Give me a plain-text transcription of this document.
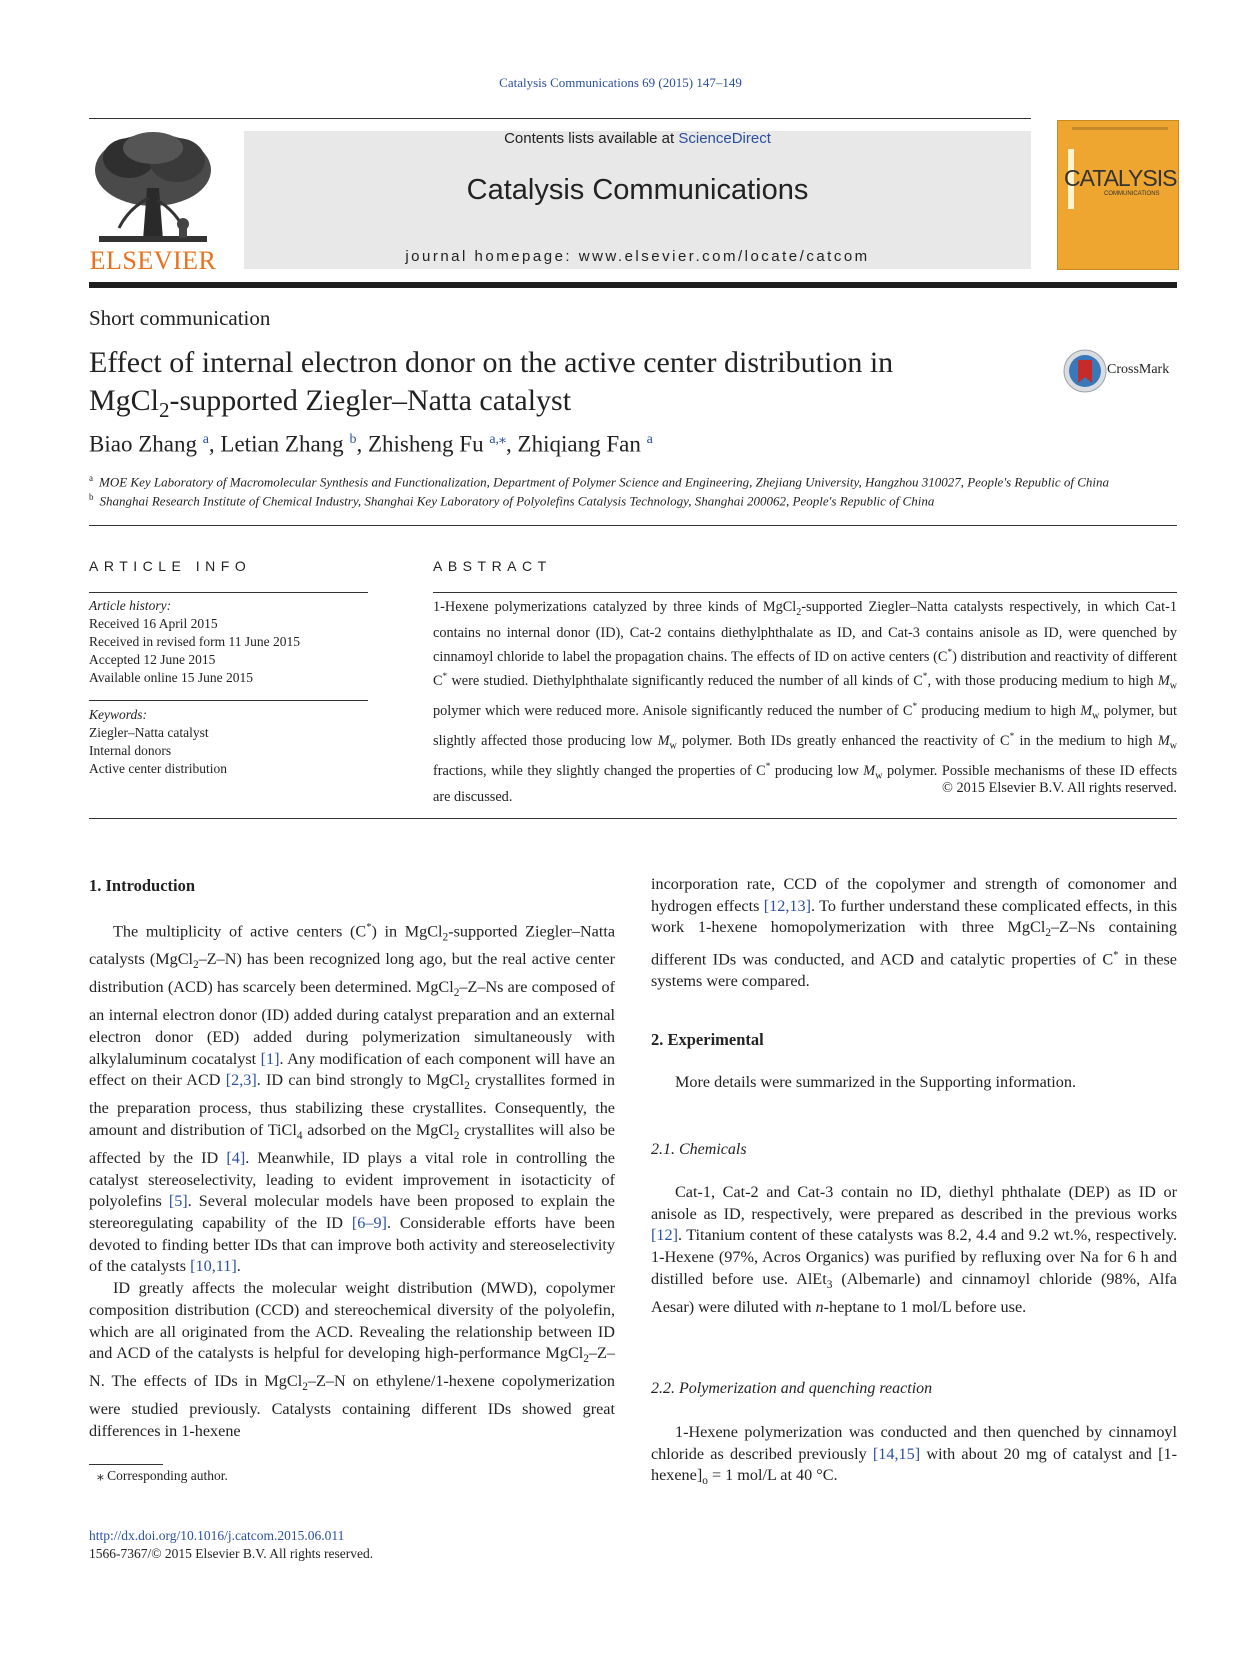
Catalysis Communications 69 (2015) 147–149
ELSEVIER
Contents lists available at ScienceDirect
Catalysis Communications
journal homepage: www.elsevier.com/locate/catcom
CATALYSIS
COMMUNICATIONS
Short communication
Effect of internal electron donor on the active center distribution in
MgCl$_2$-supported Ziegler–Natta catalyst
CrossMark
Biao Zhang $^a$, Letian Zhang $^b$, Zhisheng Fu $^{a,⁎}$, Zhiqiang Fan $^a$
$^a$ MOE Key Laboratory of Macromolecular Synthesis and Functionalization, Department of Polymer Science and Engineering, Zhejiang University, Hangzhou 310027, People's Republic of China
$^b$ Shanghai Research Institute of Chemical Industry, Shanghai Key Laboratory of Polyolefins Catalysis Technology, Shanghai 200062, People's Republic of China
ARTICLE INFO	ABSTRACT
Article history:
Received 16 April 2015
Received in revised form 11 June 2015
Accepted 12 June 2015
Available online 15 June 2015
Keywords:
Ziegler–Natta catalyst
Internal donors
Active center distribution
1-Hexene polymerizations catalyzed by three kinds of MgCl$_2$-supported Ziegler–Natta catalysts respectively, in which Cat-1 contains no internal donor (ID), Cat-2 contains diethylphthalate as ID, and Cat-3 contains anisole as ID, were quenched by cinnamoyl chloride to label the propagation chains. The effects of ID on active centers (C*) distribution and reactivity of different C* were studied. Diethylphthalate significantly reduced the number of all kinds of C*, with those producing medium to high $M_w$ polymer which were reduced more. Anisole significantly reduced the number of C* producing medium to high $M_w$ polymer, but slightly affected those producing low $M_w$ polymer. Both IDs greatly enhanced the reactivity of C* in the medium to high $M_w$ fractions, while they slightly changed the properties of C* producing low $M_w$ polymer. Possible mechanisms of these ID effects are discussed.
© 2015 Elsevier B.V. All rights reserved.
1. Introduction

The multiplicity of active centers (C*) in MgCl$_2$-supported Ziegler–Natta catalysts (MgCl$_2$–Z–N) has been recognized long ago, but the real active center distribution (ACD) has scarcely been determined. MgCl$_2$–Z–Ns are composed of an internal electron donor (ID) added during catalyst preparation and an external electron donor (ED) added during polymerization simultaneously with alkylaluminum cocatalyst [1]. Any modification of each component will have an effect on their ACD [2,3]. ID can bind strongly to MgCl$_2$ crystallites formed in the preparation process, thus stabilizing these crystallites. Consequently, the amount and distribution of TiCl$_4$ adsorbed on the MgCl$_2$ crystallites will also be affected by the ID [4]. Meanwhile, ID plays a vital role in controlling the catalyst stereoselectivity, leading to evident improvement in isotacticity of polyolefins [5]. Several molecular models have been proposed to explain the stereoregulating capability of the ID [6–9]. Considerable efforts have been devoted to finding better IDs that can improve both activity and stereoselectivity of the catalysts [10,11].

ID greatly affects the molecular weight distribution (MWD), copolymer composition distribution (CCD) and stereochemical diversity of the polyolefin, which are all originated from the ACD. Revealing the relationship between ID and ACD of the catalysts is helpful for developing high-performance MgCl$_2$–Z–N. The effects of IDs in MgCl$_2$–Z–N on ethylene/1-hexene copolymerization were studied previously. Catalysts containing different IDs showed great differences in 1-hexene

incorporation rate, CCD of the copolymer and strength of comonomer and hydrogen effects [12,13]. To further understand these complicated effects, in this work 1-hexene homopolymerization with three MgCl$_2$–Z–Ns containing different IDs was conducted, and ACD and catalytic properties of C* in these systems were compared.

2. Experimental

More details were summarized in the Supporting information.

2.1. Chemicals

Cat-1, Cat-2 and Cat-3 contain no ID, diethyl phthalate (DEP) as ID or anisole as ID, respectively, were prepared as described in the previous works [12]. Titanium content of these catalysts was 8.2, 4.4 and 9.2 wt.%, respectively. 1-Hexene (97%, Acros Organics) was purified by refluxing over Na for 6 h and distilled before use. AlEt$_3$ (Albemarle) and cinnamoyl chloride (98%, Alfa Aesar) were diluted with n-heptane to 1 mol/L before use.

2.2. Polymerization and quenching reaction

1-Hexene polymerization was conducted and then quenched by cinnamoyl chloride as described previously [14,15] with about 20 mg of catalyst and $[1-hexene]_o = 1$ mol/L at 40 °C.

⁎ Corresponding author.
http://dx.doi.org/10.1016/j.catcom.2015.06.011
1566-7367/© 2015 Elsevier B.V. All rights reserved.
